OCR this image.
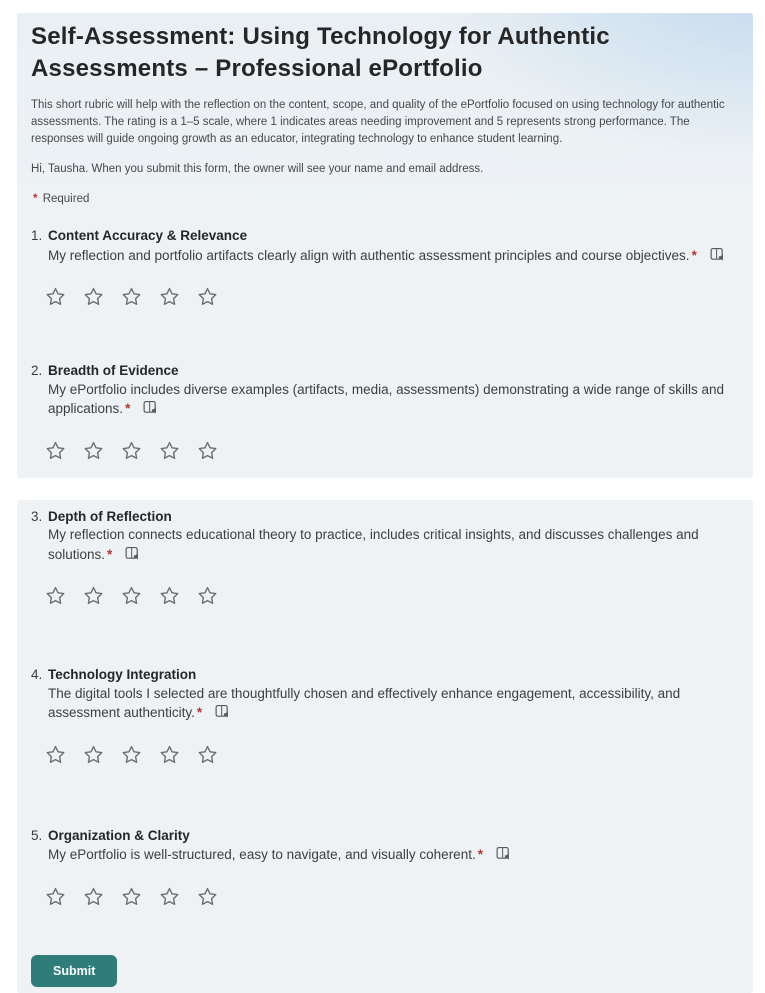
Self-Assessment: Using Technology for Authentic Assessments – Professional ePortfolio

This short rubric will help with the reflection on the content, scope, and quality of the ePortfolio focused on using technology for authentic assessments. The rating is a 1–5 scale, where 1 indicates areas needing improvement and 5 represents strong performance. The responses will guide ongoing growth as an educator, integrating technology to enhance student learning.

Hi, Tausha. When you submit this form, the owner will see your name and email address.

* Required

1. Content Accuracy & Relevance
My reflection and portfolio artifacts clearly align with authentic assessment principles and course objectives. *
2. Breadth of Evidence
My ePortfolio includes diverse examples (artifacts, media, assessments) demonstrating a wide range of skills and applications. *
3. Depth of Reflection
My reflection connects educational theory to practice, includes critical insights, and discusses challenges and solutions. *
4. Technology Integration
The digital tools I selected are thoughtfully chosen and effectively enhance engagement, accessibility, and assessment authenticity. *
5. Organization & Clarity
My ePortfolio is well-structured, easy to navigate, and visually coherent. *
Submit
